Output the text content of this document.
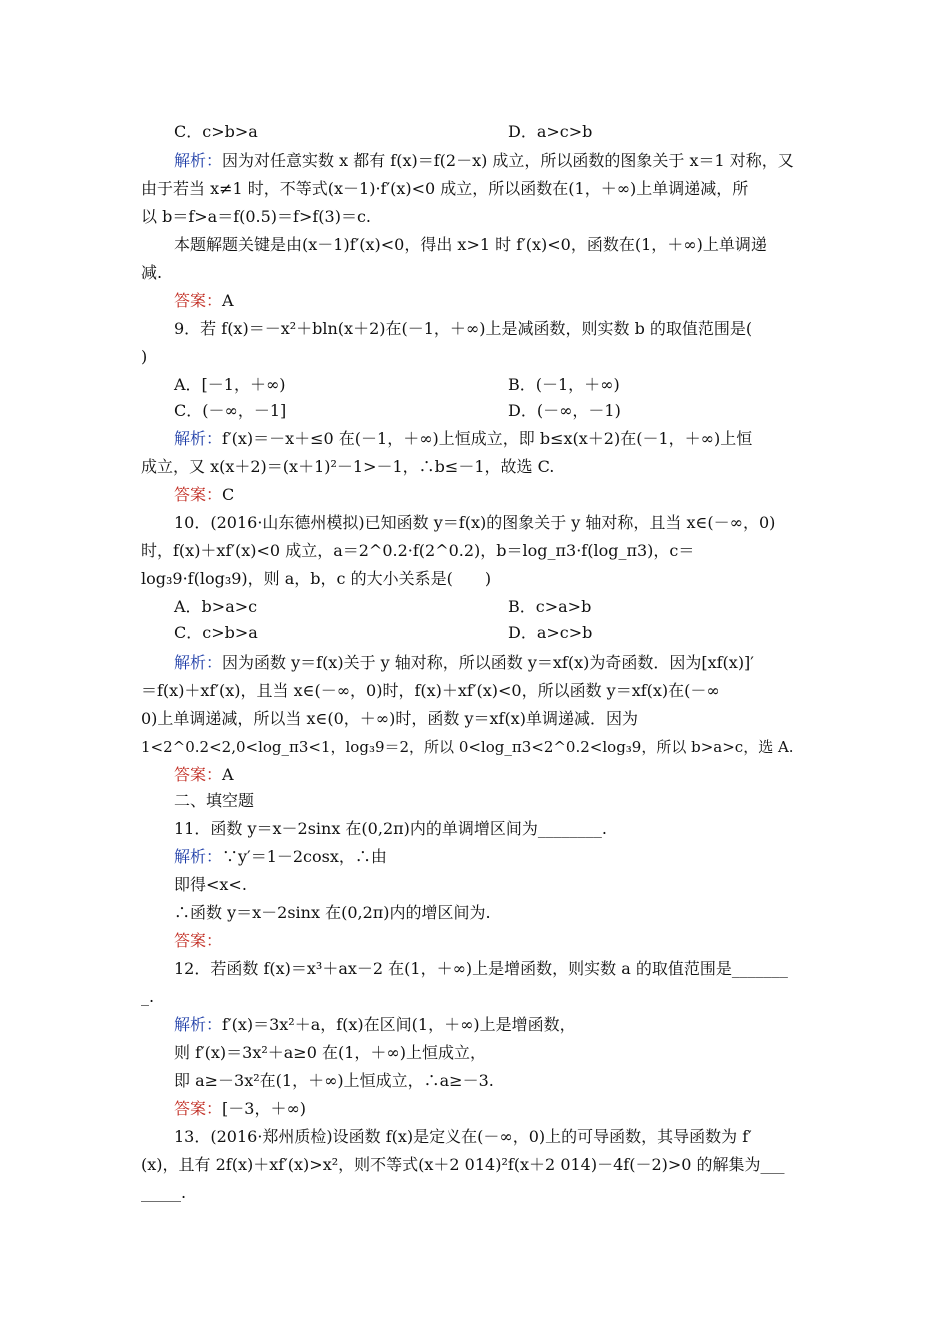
C．c>b>a	D．a>c>b
解析：因为对任意实数 x 都有 f(x)＝f(2－x) 成立，所以函数的图象关于 x＝1 对称，又
由于若当 x≠1 时，不等式(x－1)·f′(x)<0 成立，所以函数在(1，＋∞)上单调递减，所
以 b＝f>a＝f(0.5)＝f>f(3)＝c.
本题解题关键是由(x－1)f′(x)<0，得出 x>1 时 f′(x)<0，函数在(1，＋∞)上单调递
减.
答案：A
9．若 f(x)＝－x²＋bln(x＋2)在(－1，＋∞)上是减函数，则实数 b 的取值范围是(
)
A．[－1，＋∞)	B．(－1，＋∞)
C．(－∞，－1]	D．(－∞，－1)
解析：f′(x)＝－x＋≤0 在(－1，＋∞)上恒成立，即 b≤x(x＋2)在(－1，＋∞)上恒
成立，又 x(x＋2)＝(x＋1)²－1>－1，∴b≤－1，故选 C.
答案：C
10．(2016·山东德州模拟)已知函数 y＝f(x)的图象关于 y 轴对称，且当 x∈(－∞，0)
时，f(x)＋xf′(x)<0 成立，a＝2^0.2·f(2^0.2)，b＝log_π3·f(log_π3)，c＝
log₃9·f(log₃9)，则 a，b，c 的大小关系是(　　)
A．b>a>c	B．c>a>b
C．c>b>a	D．a>c>b
解析：因为函数 y＝f(x)关于 y 轴对称，所以函数 y＝xf(x)为奇函数．因为[xf(x)]′
＝f(x)＋xf′(x)，且当 x∈(－∞，0)时，f(x)＋xf′(x)<0，所以函数 y＝xf(x)在(－∞
0)上单调递减，所以当 x∈(0，＋∞)时，函数 y＝xf(x)单调递减．因为
1<2^0.2<2,0<log_π3<1，log₃9＝2，所以 0<log_π3<2^0.2<log₃9，所以 b>a>c，选 A.
答案：A
二、填空题
11．函数 y＝x－2sinx 在(0,2π)内的单调增区间为________.
解析：∵y′＝1－2cosx，∴由
即得<x<.
∴函数 y＝x－2sinx 在(0,2π)内的增区间为.
答案：
12．若函数 f(x)＝x³＋ax－2 在(1，＋∞)上是增函数，则实数 a 的取值范围是_______
_.
解析：f′(x)＝3x²＋a，f(x)在区间(1，＋∞)上是增函数，
则 f′(x)＝3x²＋a≥0 在(1，＋∞)上恒成立，
即 a≥－3x²在(1，＋∞)上恒成立，∴a≥－3.
答案：[－3，＋∞)
13．(2016·郑州质检)设函数 f(x)是定义在(－∞，0)上的可导函数，其导函数为 f′
(x)，且有 2f(x)＋xf′(x)>x²，则不等式(x＋2 014)²f(x＋2 014)－4f(－2)>0 的解集为___
_____.
